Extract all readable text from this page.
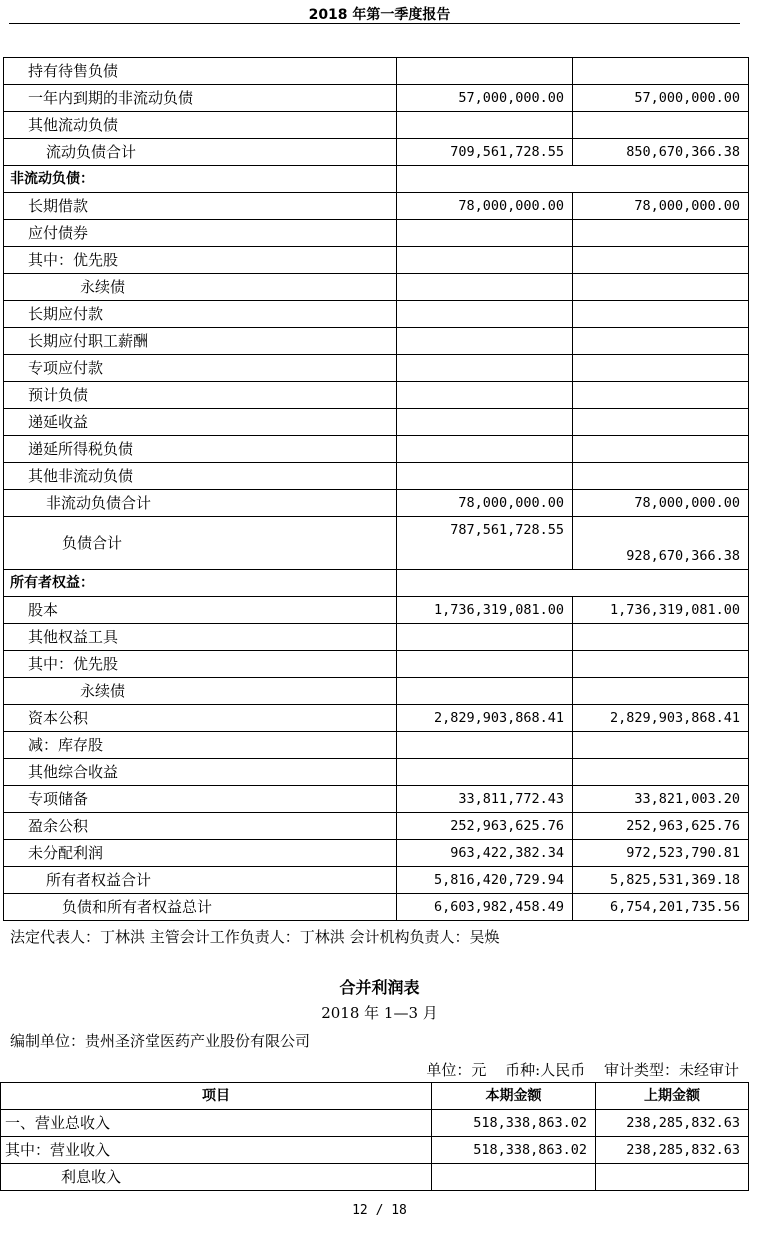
2018 年第一季度报告
持有待售负债		
一年内到期的非流动负债	57,000,000.00	57,000,000.00
其他流动负债		
流动负债合计	709,561,728.55	850,670,366.38
非流动负债：		
长期借款	78,000,000.00	78,000,000.00
应付债券		
其中：优先股		
永续债		
长期应付款		
长期应付职工薪酬		
专项应付款		
预计负债		
递延收益		
递延所得税负债		
其他非流动负债		
非流动负债合计	78,000,000.00	78,000,000.00
负债合计	787,561,728.55	928,670,366.38

所有者权益：		
股本	1,736,319,081.00	1,736,319,081.00
其他权益工具		
其中：优先股		
永续债		
资本公积	2,829,903,868.41	2,829,903,868.41
减：库存股		
其他综合收益		
专项储备	33,811,772.43	33,821,003.20
盈余公积	252,963,625.76	252,963,625.76
未分配利润	963,422,382.34	972,523,790.81
所有者权益合计	5,816,420,729.94	5,825,531,369.18
负债和所有者权益总计	6,603,982,458.49	6,754,201,735.56
法定代表人：丁林洪 主管会计工作负责人：丁林洪 会计机构负责人：吴焕
合并利润表
2018 年 1—3 月
编制单位：贵州圣济堂医药产业股份有限公司
单位：元 币种:人民币 审计类型：未经审计
项目	本期金额	上期金额
一、营业总收入	518,338,863.02	238,285,832.63
其中：营业收入	518,338,863.02	238,285,832.63
利息收入		
12 / 18
